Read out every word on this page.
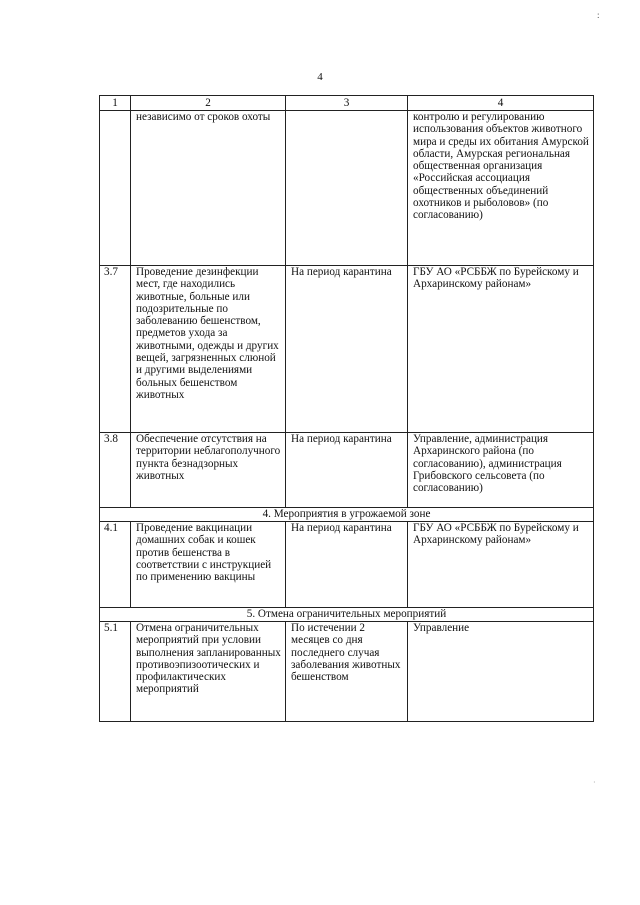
:
4
1	2	3	4
	независимо от сроков охоты		контролю и регулированию использования объектов животного мира и среды их обитания Амурской области, Амурская региональная общественная организация «Российская ассоциация общественных объединений охотников и рыболовов» (по согласованию)
3.7	Проведение дезинфекции мест, где находились животные, больные или подозрительные по заболеванию бешенством, предметов ухода за животными, одежды и других вещей, загрязненных слюной и другими выделениями больных бешенством животных	На период карантина	ГБУ АО «РСББЖ по Бурейскому и Архаринскому районам»
3.8	Обеспечение отсутствия на территории неблагополучного пункта безнадзорных животных	На период карантина	Управление, администрация Архаринского района (по согласованию), администрация Грибовского сельсовета (по согласованию)
4. Мероприятия в угрожаемой зоне			
4.1	Проведение вакцинации домашних собак и кошек против бешенства в соответствии с инструкцией по применению вакцины	На период карантина	ГБУ АО «РСББЖ по Бурейскому и Архаринскому районам»
5. Отмена ограничительных мероприятий			
5.1	Отмена ограничительных мероприятий при условии выполнения запланированных противоэпизоотических и профилактических мероприятий	По истечении 2 месяцев со дня последнего случая заболевания животных бешенством	Управление
·
